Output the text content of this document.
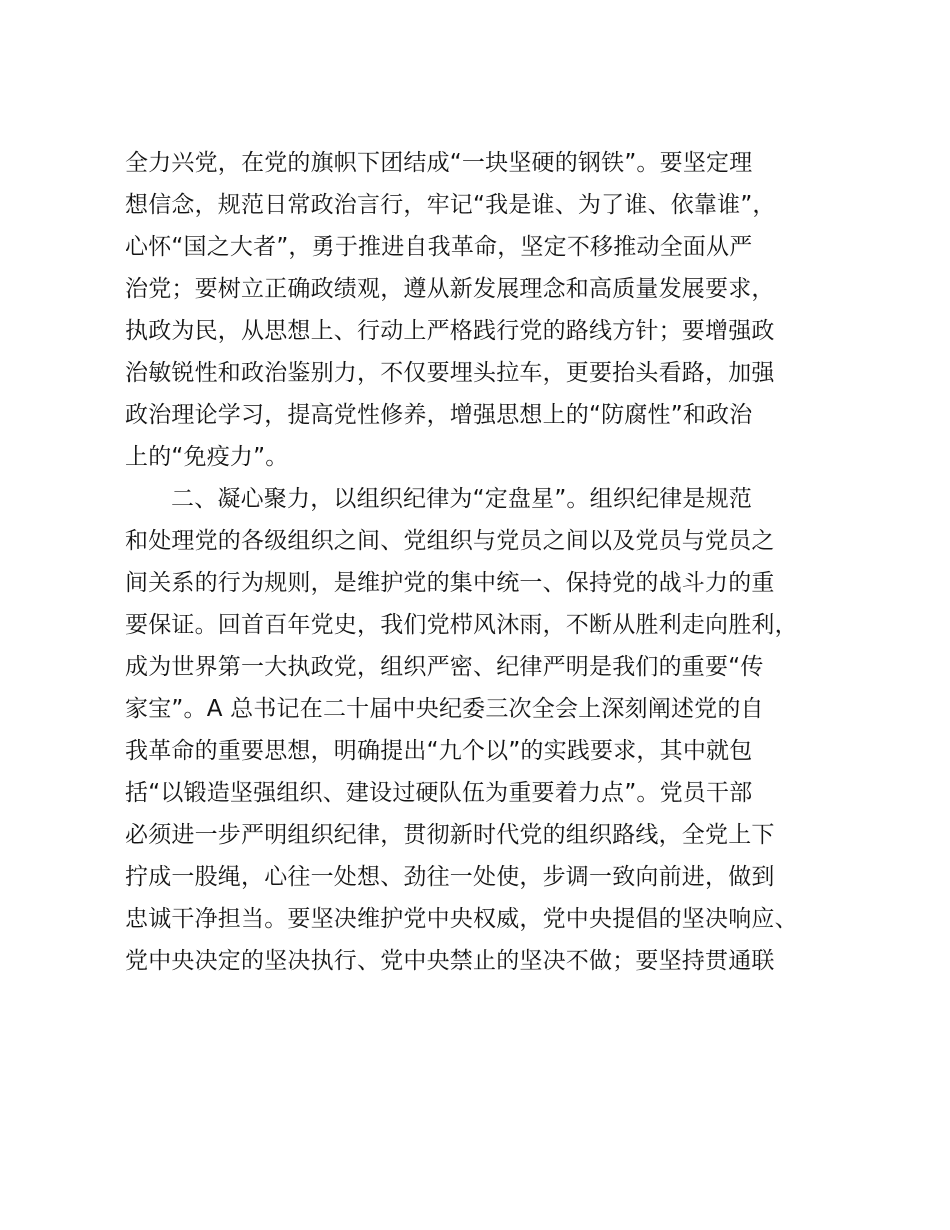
全力兴党，在党的旗帜下团结成“一块坚硬的钢铁”。要坚定理
想信念，规范日常政治言行，牢记“我是谁、为了谁、依靠谁”，
心怀“国之大者”，勇于推进自我革命，坚定不移推动全面从严
治党；要树立正确政绩观，遵从新发展理念和高质量发展要求，
执政为民，从思想上、行动上严格践行党的路线方针；要增强政
治敏锐性和政治鉴别力，不仅要埋头拉车，更要抬头看路，加强
政治理论学习，提高党性修养，增强思想上的“防腐性”和政治
上的“免疫力”。
二、凝心聚力，以组织纪律为“定盘星”。组织纪律是规范
和处理党的各级组织之间、党组织与党员之间以及党员与党员之
间关系的行为规则，是维护党的集中统一、保持党的战斗力的重
要保证。回首百年党史，我们党栉风沐雨，不断从胜利走向胜利，
成为世界第一大执政党，组织严密、纪律严明是我们的重要“传
家宝”。A 总书记在二十届中央纪委三次全会上深刻阐述党的自
我革命的重要思想，明确提出“九个以”的实践要求，其中就包
括“以锻造坚强组织、建设过硬队伍为重要着力点”。党员干部
必须进一步严明组织纪律，贯彻新时代党的组织路线，全党上下
拧成一股绳，心往一处想、劲往一处使，步调一致向前进，做到
忠诚干净担当。要坚决维护党中央权威，党中央提倡的坚决响应、
党中央决定的坚决执行、党中央禁止的坚决不做；要坚持贯通联
